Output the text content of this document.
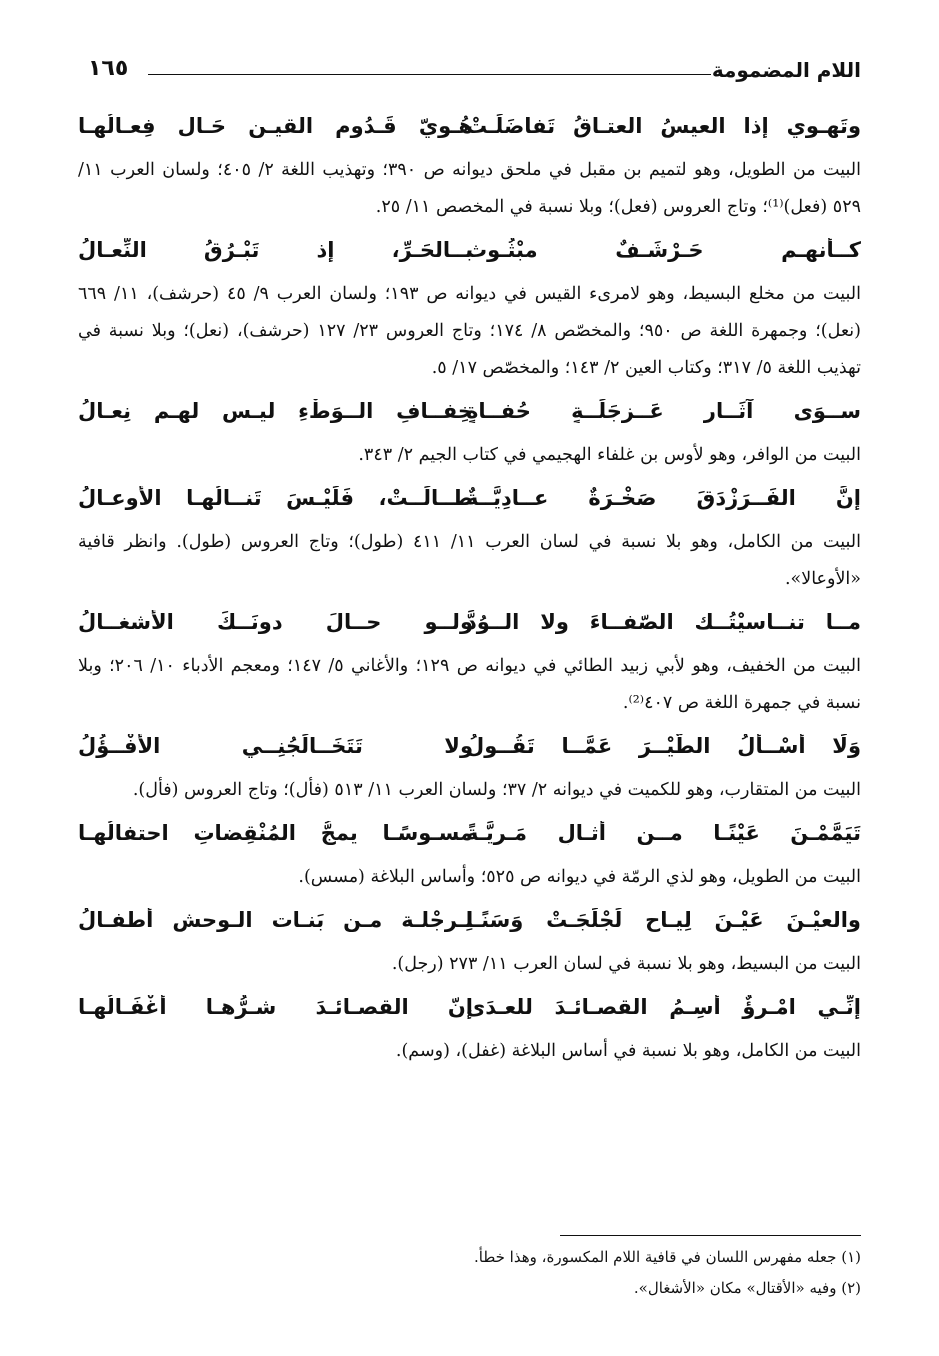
اللام المضمومة
١٦٥
وتَهـوي إذا العيسُ العتـاقُ تَفاضَلَـتْ
هُـويّ قَـدُوم القيـنِ حَـال فِعـالُهـا

البيت من الطويل، وهو لتميم بن مقبل في ملحق ديوانه ص ٣٩٠؛ وتهذيب اللغة ٢/ ٤٠٥؛ ولسان العرب ١١/ ٥٢٩ (فعل)⁽¹⁾؛ وتاج العروس (فعل)؛ وبلا نسبة في المخصص ١١/ ٢٥.

كــأنهـم حَـرْشَـفٌ مبْثُـوث
بــالحَـرِّ، إذ تَبْـرُقُ النِّعـالُ

البيت من مخلع البسيط، وهو لامرىء القيس في ديوانه ص ١٩٣؛ ولسان العرب ٩/ ٤٥ (حرشف)، ١١/ ٦٦٩ (نعل)؛ وجمهرة اللغة ص ٩٥٠؛ والمخصّص ٨/ ١٧٤؛ وتاج العروس ٢٣/ ١٢٧ (حرشف)، (نعل)؛ وبلا نسبة في تهذيب اللغة ٥/ ٣١٧؛ وكتاب العين ٢/ ١٤٣؛ والمخصّص ١٧/ ٥.

ســوَى آثَــارِ عَــزجَلَــةٍ حُفــاةٍ
خِفــافِ الــوَطْءِ ليـس لهـم نِعـالُ

البيت من الوافر، وهو لأوس بن غلفاء الهجيمي في كتاب الجيم ٢/ ٣٤٣.

إنَّ الفَــرَزْدَقَ صَخْـرَةٌ عــادِيَّــةٌ
طــالَــتْ، فَلَيْـسَ تَنــالُهـا الأوعـالُ

البيت من الكامل، وهو بلا نسبة في لسان العرب ١١/ ٤١١ (طول)؛ وتاج العروس (طول). وانظر قافية «الأوعالا».

مــا تنــاسيْتُــك الصّفــاءَ ولا الــوُدَّ
ولــو حــالَ دونَــكَ الأشغــالُ

البيت من الخفيف، وهو لأبي زبيد الطائي في ديوانه ص ١٢٩؛ والأغاني ٥/ ١٤٧؛ ومعجم الأدباء ١٠/ ٢٠٦؛ وبلا نسبة في جمهرة اللغة ص ٤٠٧⁽²⁾.

وَلَا أَسْــأَلُ الطَّيْــرَ عَمَّــا تَقُــولُ
ولا تَتَخَــالَجُنِــي الأَفْــؤُلُ

البيت من المتقارب، وهو للكميت في ديوانه ٢/ ٣٧؛ ولسان العرب ١١/ ٥١٣ (فأل)؛ وتاج العروس (فأل).

تَيَمَّمْـنَ عَيْنًـا مــن أُثـالٍ مَـرِيَّـةً
مسـوسًـا يمجُّ المُنْقِضاتِ احتفالُهـا

البيت من الطويل، وهو لذي الرمّة في ديوانه ص ٥٢٥؛ وأساس البلاغة (مسس).

والعيْـنَ عَيْـنَ لِيـاحٍ لَجْلَجَـتْ وَسَنًـا
لِـرِجْلـة مـن بَنـات الـوحش أطفـالُ

البيت من البسيط، وهو بلا نسبة في لسان العرب ١١/ ٢٧٣ (رجل).

إنِّـي امْـرؤٌ أَسِـمُ القصـائـدَ للعـدَى
إنّ القصـائـدَ شـرُّهـا أغْفَـالُهـا

البيت من الكامل، وهو بلا نسبة في أساس البلاغة (غفل)، (وسم).

(١) جعله مفهرس اللسان في قافية اللام المكسورة، وهذا خطأ.
(٢) وفيه «الأقتال» مكان «الأشغال».
